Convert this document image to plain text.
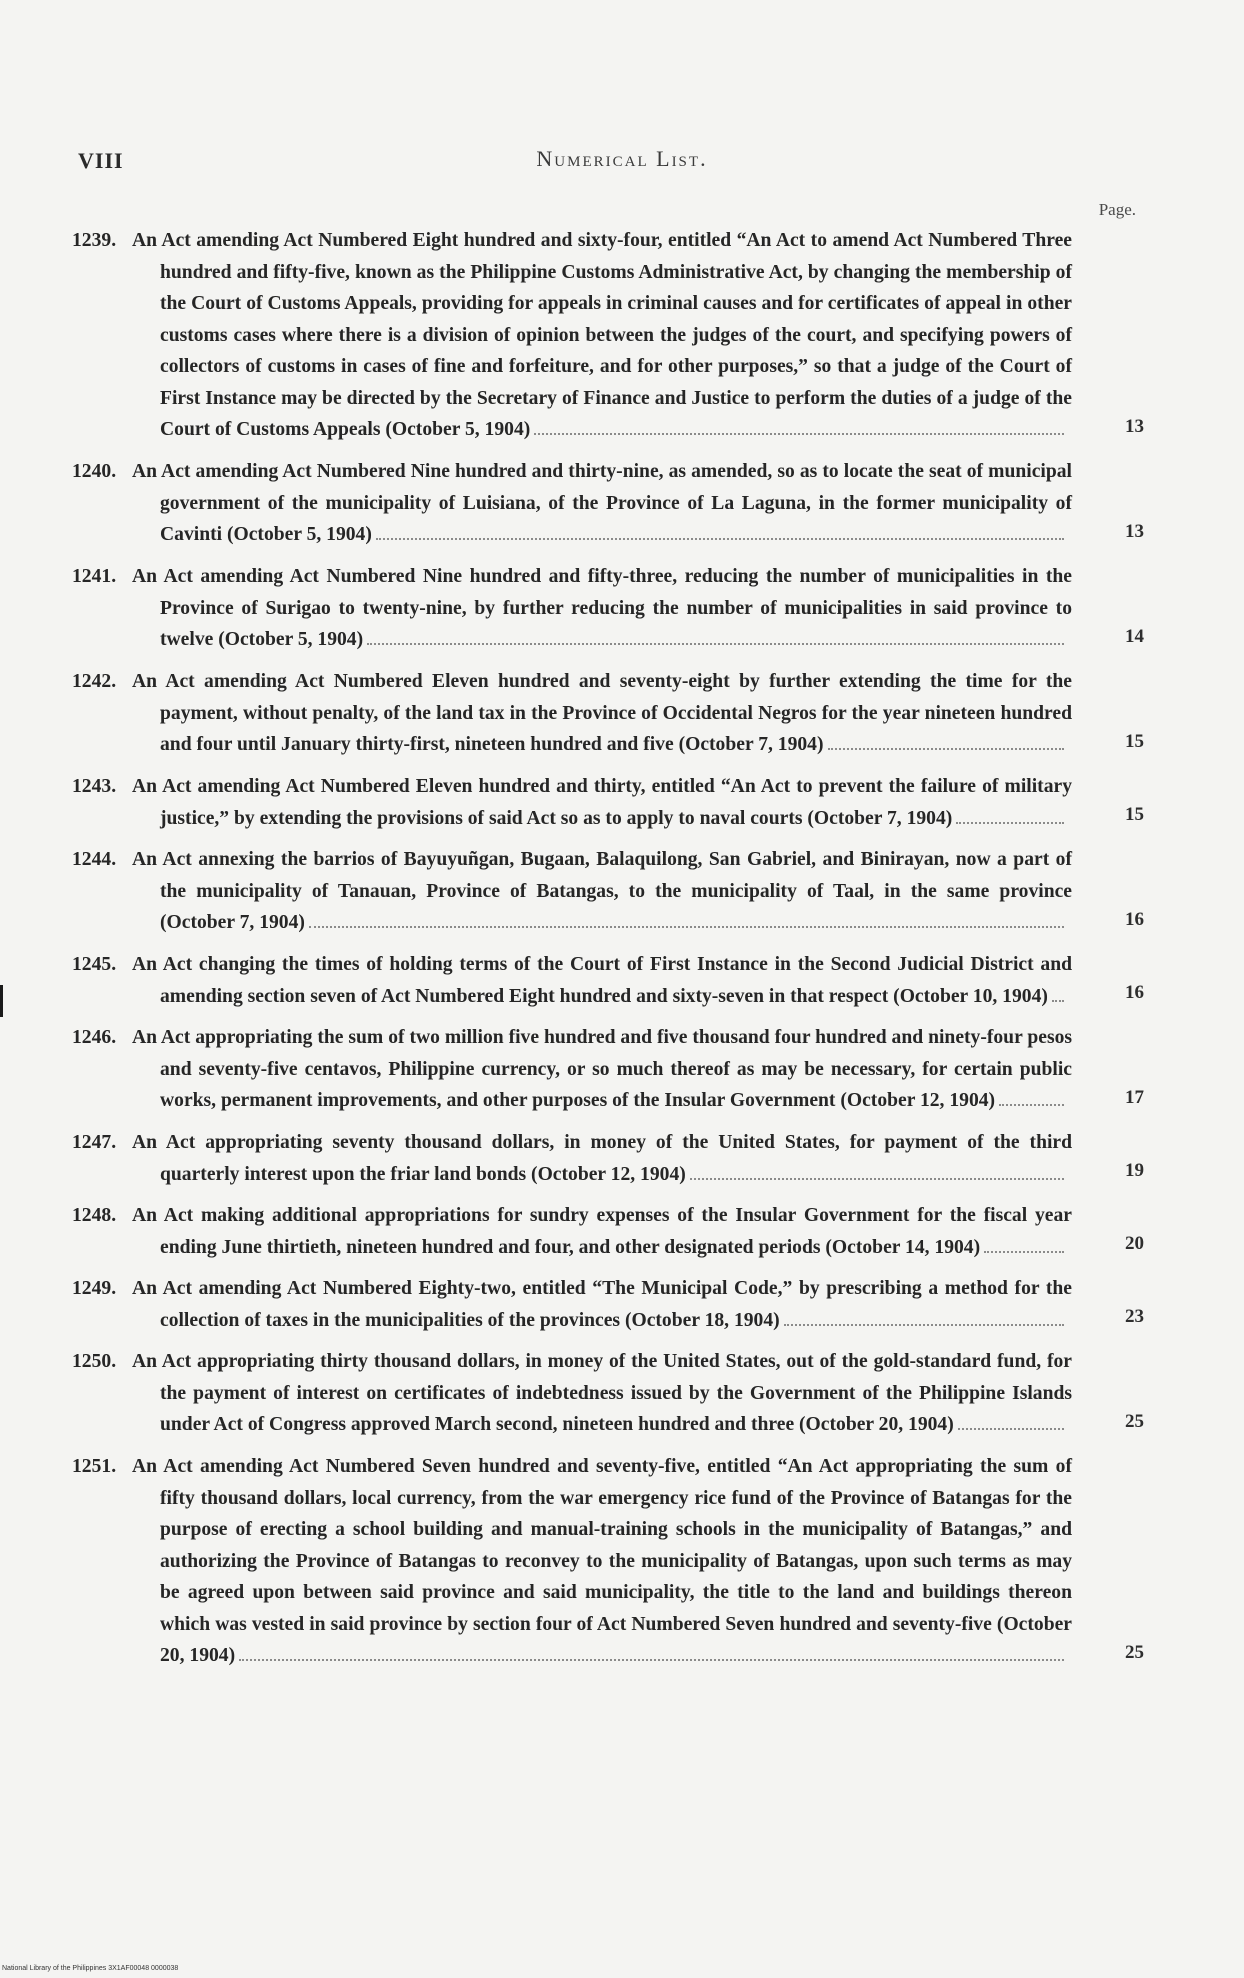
VIII	Numerical List.
Page.
1239. An Act amending Act Numbered Eight hundred and sixty-four, entitled “An Act to amend Act Numbered Three hundred and fifty-five, known as the Philippine Customs Administrative Act, by changing the membership of the Court of Customs Appeals, providing for appeals in criminal causes and for certificates of appeal in other customs cases where there is a division of opinion between the judges of the court, and specifying powers of collectors of customs in cases of fine and forfeiture, and for other purposes,” so that a judge of the Court of First Instance may be directed by the Secretary of Finance and Justice to perform the duties of a judge of the Court of Customs Appeals (October 5, 1904)	13
1240. An Act amending Act Numbered Nine hundred and thirty-nine, as amended, so as to locate the seat of municipal government of the municipality of Luisiana, of the Province of La Laguna, in the former municipality of Cavinti (October 5, 1904)	13
1241. An Act amending Act Numbered Nine hundred and fifty-three, reducing the number of municipalities in the Province of Surigao to twenty-nine, by further reducing the number of municipalities in said province to twelve (October 5, 1904)	14
1242. An Act amending Act Numbered Eleven hundred and seventy-eight by further extending the time for the payment, without penalty, of the land tax in the Province of Occidental Negros for the year nineteen hundred and four until January thirty-first, nineteen hundred and five (October 7, 1904)	15
1243. An Act amending Act Numbered Eleven hundred and thirty, entitled “An Act to prevent the failure of military justice,” by extending the provisions of said Act so as to apply to naval courts (October 7, 1904)	15
1244. An Act annexing the barrios of Bayuyuñgan, Bugaan, Balaquilong, San Gabriel, and Binirayan, now a part of the municipality of Tanauan, Province of Batangas, to the municipality of Taal, in the same province (October 7, 1904)	16
1245. An Act changing the times of holding terms of the Court of First Instance in the Second Judicial District and amending section seven of Act Numbered Eight hundred and sixty-seven in that respect (October 10, 1904)	16
1246. An Act appropriating the sum of two million five hundred and five thousand four hundred and ninety-four pesos and seventy-five centavos, Philippine currency, or so much thereof as may be necessary, for certain public works, permanent improvements, and other purposes of the Insular Government (October 12, 1904)	17
1247. An Act appropriating seventy thousand dollars, in money of the United States, for payment of the third quarterly interest upon the friar land bonds (October 12, 1904)	19
1248. An Act making additional appropriations for sundry expenses of the Insular Government for the fiscal year ending June thirtieth, nineteen hundred and four, and other designated periods (October 14, 1904)	20
1249. An Act amending Act Numbered Eighty-two, entitled “The Municipal Code,” by prescribing a method for the collection of taxes in the municipalities of the provinces (October 18, 1904)	23
1250. An Act appropriating thirty thousand dollars, in money of the United States, out of the gold-standard fund, for the payment of interest on certificates of indebtedness issued by the Government of the Philippine Islands under Act of Congress approved March second, nineteen hundred and three (October 20, 1904)	25
1251. An Act amending Act Numbered Seven hundred and seventy-five, entitled “An Act appropriating the sum of fifty thousand dollars, local currency, from the war emergency rice fund of the Province of Batangas for the purpose of erecting a school building and manual-training schools in the municipality of Batangas,” and authorizing the Province of Batangas to reconvey to the municipality of Batangas, upon such terms as may be agreed upon between said province and said municipality, the title to the land and buildings thereon which was vested in said province by section four of Act Numbered Seven hundred and seventy-five (October 20, 1904)	25
National Library of the Philippines 3X1AF00048 0000038
